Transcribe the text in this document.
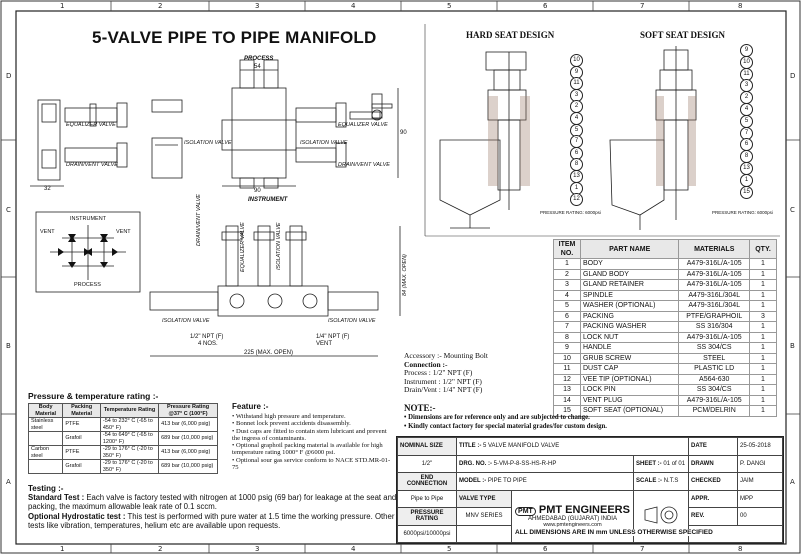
1	2	3	4	5	6	7	8
1	2	3	4	5	6	7	8
D
C
B
A
D
C
B
A
5-VALVE PIPE TO PIPE MANIFOLD
PROCESS
54
90
90
32
INSTRUMENT
EQUALIZER VALVE
DRAIN/VENT VALVE
ISOLATION VALVE	ISOLATION VALVE
EQUALIZER VALVE
DRAIN/VENT VALVE
INSTRUMENT
VENT	VENT
PROCESS
DRAIN/VENT VALVE
EQUALIZER VALVE	ISOLATION VALVE
ISOLATION VALVE	ISOLATION VALVE
84 (MAX. OPEN)
225 (MAX. OPEN)
1/2" NPT (F)
4 NOS.
1/4" NPT (F)
VENT
HARD SEAT DESIGN	SOFT SEAT DESIGN
PRESSURE RATING: 6000psi	PRESSURE RATING: 6000psi
10
9
11
3
2
4
5
7
6
8
13
1
12
9
10
11
3
2
4
5
7
6
8
13
1
15
ITEM NO.	PART NAME	MATERIALS	QTY.
1	BODY	A479-316L/A-105	1
2	GLAND BODY	A479-316L/A-105	1
3	GLAND RETAINER	A479-316L/A-105	1
4	SPINDLE	A479-316L/304L	1
5	WASHER (OPTIONAL)	A479-316L/304L	1
6	PACKING	PTFE/GRAPHOIL	3
7	PACKING WASHER	SS 316/304	1
8	LOCK NUT	A479-316L/A-105	1
9	HANDLE	SS 304/CS	1
10	GRUB SCREW	STEEL	1
11	DUST CAP	PLASTIC LD	1
12	VEE TIP (OPTIONAL)	A564-630	1
13	LOCK PIN	SS 304/CS	1
14	VENT PLUG	A479-316L/A-105	1
15	SOFT SEAT (OPTIONAL)	PCM/DELRIN	1
Accessory :- Mounting Bolt
Connection :-
Process : 1/2" NPT (F)
Instrument : 1/2" NPT (F)
Drain/Vent : 1/4" NPT (F)
NOTE:-
• Dimensions are for reference only and are subjected to change.
• Kindly contact factory for special material grades/for custom design.
Pressure & temperature rating :-
Body Material	Packing Material	Temperature Rating	Pressure Rating @37° C (100°F)
Stainless steel	PTFE	-54 to 232° C (-65 to 450° F)	413 bar (6,000 psig)
	Grafoil	-54 to 649° C (-65 to 1200° F)	689 bar (10,000 psig)
Carbon steel	PTFE	-29 to 176° C (-20 to 350° F)	413 bar (6,000 psig)
	Grafoil	-29 to 176° C (-20 to 350° F)	689 bar (10,000 psig)
Feature :-
• Withstand high pressure and temperature.
• Bonnet lock prevent accidents disassembly.
• Dust caps are fitted to contain stem lubricant and prevent the ingress of contaminants.
• Optional graphoil packing material is available for high temperature rating 1000° F @6000 psi.
• Optional sour gas service conform to NACE STD.MR-01-75
Testing :-
Standard Test : Each valve is factory tested with nitrogen at 1000 psig (69 bar) for leakage at the seat and packing, the maximum allowable leak rate of 0.1 sccm.
Optional Hydrostatic test : This test is performed with pure water at 1.5 time the working pressure. Other tests like vibration, temperatures, helium etc are available upon requests.
NOMINAL SIZE	TITLE :- 5 VALVE MANIFOLD VALVE			DATE	25-05-2018
1/2"	DRG. NO. :- 5-VM-P-8-SS-HS-R-HP		SHEET :- 01 of 01	DRAWN	P. DANGI
END CONNECTION	MODEL :- PIPE TO PIPE		SCALE :- N.T.S	CHECKED	JAIM
Pipe to Pipe	VALVE TYPE	PMT PMT ENGINEERS
AHMEDABAD (GUJARAT) INDIA
www.pmtengineers.com		APPR.	MPP
PRESSURE RATING	MNV SERIES			REV.	00
6000psi/10000psi						ALL DIMENSIONS ARE IN mm UNLESS OTHERWISE SPECIFIED
